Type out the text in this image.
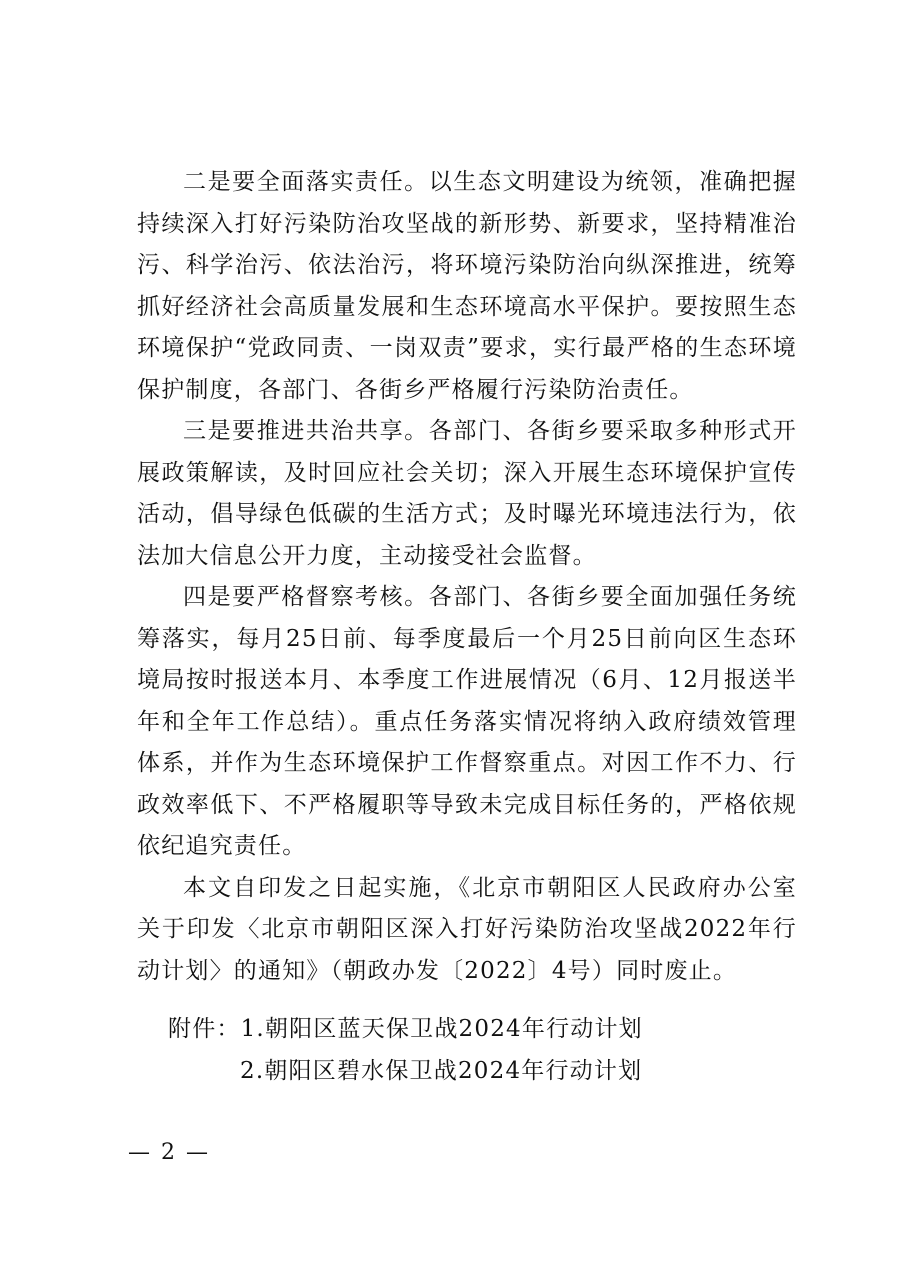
二是要全面落实责任。以生态文明建设为统领，准确把握持续深入打好污染防治攻坚战的新形势、新要求，坚持精准治污、科学治污、依法治污，将环境污染防治向纵深推进，统筹抓好经济社会高质量发展和生态环境高水平保护。要按照生态环境保护“党政同责、一岗双责”要求，实行最严格的生态环境保护制度，各部门、各街乡严格履行污染防治责任。

三是要推进共治共享。各部门、各街乡要采取多种形式开展政策解读，及时回应社会关切；深入开展生态环境保护宣传活动，倡导绿色低碳的生活方式；及时曝光环境违法行为，依法加大信息公开力度，主动接受社会监督。

四是要严格督察考核。各部门、各街乡要全面加强任务统筹落实，每月25日前、每季度最后一个月25日前向区生态环境局按时报送本月、本季度工作进展情况（6月、12月报送半年和全年工作总结）。重点任务落实情况将纳入政府绩效管理体系，并作为生态环境保护工作督察重点。对因工作不力、行政效率低下、不严格履职等导致未完成目标任务的，严格依规依纪追究责任。

本文自印发之日起实施，《北京市朝阳区人民政府办公室关于印发〈北京市朝阳区深入打好污染防治攻坚战2022年行动计划〉的通知》（朝政办发〔2022〕4号）同时废止。

附件：1.朝阳区蓝天保卫战2024年行动计划
2.朝阳区碧水保卫战2024年行动计划
— 2 —
